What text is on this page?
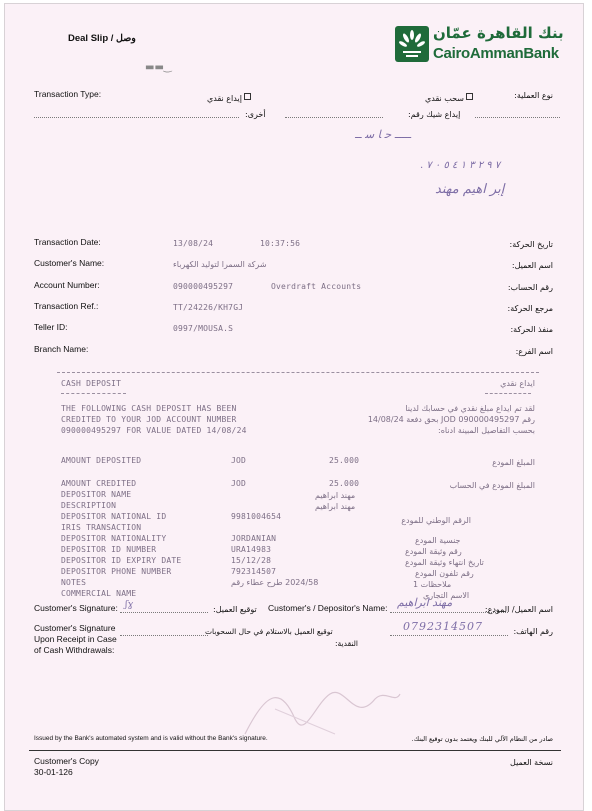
Deal Slip / وصل	بنك القاهرة عمّان
CairoAmmanBank
▬▬‿
Transaction Type:	إيداع نقدي	سحب نقدي	نوع العملية:
أخرى:	إيداع شيك رقم:
ـــــ ﺣ ﺎ ﺳ ــ
. ٧ ٩ ٢ ٣ ١ ٤ ٥ ٠ ٧
ﺇﺑﺮ ﺍﻫﻴﻢ ﻣﻬﻨﺪ
Transaction Date:	13/08/24	10:37:56	تاريخ الحركة:
Customer's Name:	شركة السمرا لتوليد الكهرباء	اسم العميل:
Account Number:	090000495297	Overdraft Accounts	رقم الحساب:
Transaction Ref.:	TT/24226/KH7GJ	مرجع الحركة:
Teller ID:	0997/MOUSA.S	منفذ الحركة:
Branch Name:	اسم الفرع:
CASH DEPOSIT	ايداع نقدي
THE FOLLOWING CASH DEPOSIT HAS BEEN
CREDITED TO YOUR JOD ACCOUNT NUMBER
090000495297 FOR VALUE DATED 14/08/24
لقد تم ايداع مبلغ نقدي في حسابك لدينا
رقم JOD 090000495297 بحق دفعة 14/08/24
بحسب التفاصيل المبينة ادناه:
AMOUNT DEPOSITED	JOD	25.000	المبلغ المودع
AMOUNT CREDITED	JOD	25.000	المبلغ المودع في الحساب
DEPOSITOR NAME	مهند ابراهيم
DESCRIPTION	مهند ابراهيم
DEPOSITOR NATIONAL ID	9981004654	الرقم الوطني للمودع
IRIS TRANSACTION
DEPOSITOR NATIONALITY	JORDANIAN	جنسية المودع
DEPOSITOR ID NUMBER	URA14983	رقم وثيقة المودع
DEPOSITOR ID EXPIRY DATE	15/12/28	تاريخ انتهاء وثيقة المودع
DEPOSITOR PHONE NUMBER	792314507	رقم تلفون المودع
NOTES	2024/58 طرح عطاء رقم	ملاحظات 1
COMMERCIAL NAME	الاسم التجاري
Customer's Signature: ʃɣ	توقيع العميل: Customer's / Depositor's Name: مهند ابراهيم
اسم العميل/ المودع:
Customer's Signature
Upon Receipt in Case
of Cash Withdrawals:
توقيع العميل بالاستلام في حال السحوبات
النقدية:
0792314507	رقم الهاتف:
Issued by the Bank's automated system and is valid without the Bank's signature.	صادر من النظام الآلي للبنك ويعتمد بدون توقيع البنك.
Customer's Copy
30-01-126
نسخة العميل
